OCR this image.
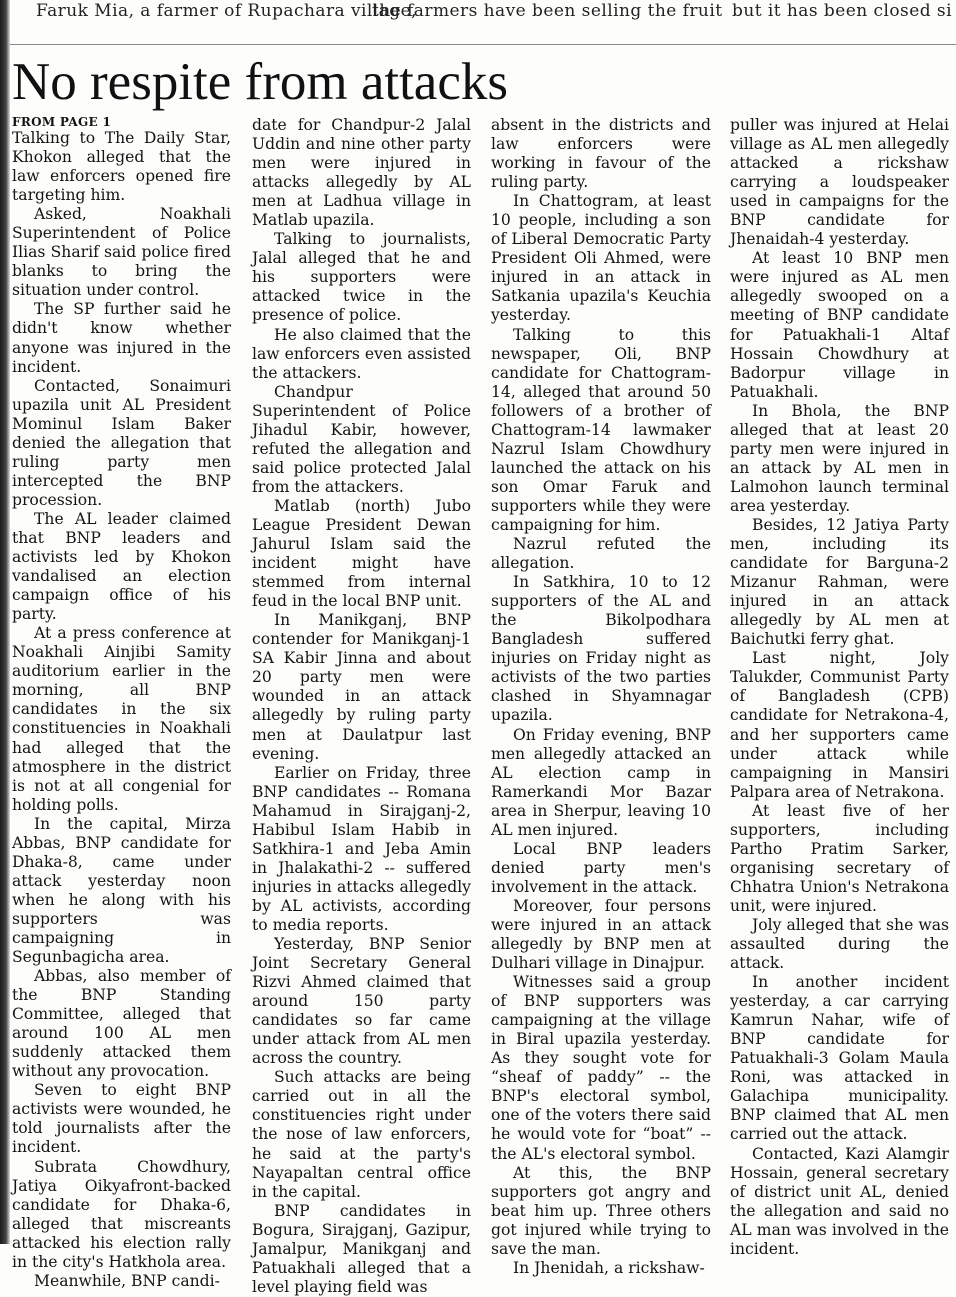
Faruk Mia, a farmer of Rupachara village,
the farmers have been selling the fruit but it has been closed si
No respite from attacks
FROM PAGE 1

Talking to The Daily Star, Khokon alleged that the law enforcers opened fire targeting him.

Asked, Noakhali Superintendent of Police Ilias Sharif said police fired blanks to bring the situation under control.

The SP further said he didn't know whether anyone was injured in the incident.

Contacted, Sonaimuri upazila unit AL President Mominul Islam Baker denied the allegation that ruling party men intercepted the BNP procession.

The AL leader claimed that BNP leaders and activists led by Khokon vandalised an election campaign office of his party.

At a press conference at Noakhali Ainjibi Samity auditorium earlier in the morning, all BNP candidates in the six constituencies in Noakhali had alleged that the atmosphere in the district is not at all congenial for holding polls.

In the capital, Mirza Abbas, BNP candidate for Dhaka-8, came under attack yesterday noon when he along with his supporters was campaigning in Segunbagicha area.

Abbas, also member of the BNP Standing Committee, alleged that around 100 AL men suddenly attacked them without any provocation.

Seven to eight BNP activists were wounded, he told journalists after the incident.

Subrata Chowdhury, Jatiya Oikyafront-backed candidate for Dhaka-6, alleged that miscreants attacked his election rally in the city's Hatkhola area.

Meanwhile, BNP candi-

date for Chandpur-2 Jalal Uddin and nine other party men were injured in attacks allegedly by AL men at Ladhua village in Matlab upazila.

Talking to journalists, Jalal alleged that he and his supporters were attacked twice in the presence of police.

He also claimed that the law enforcers even assisted the attackers.

Chandpur Superintendent of Police Jihadul Kabir, however, refuted the allegation and said police protected Jalal from the attackers.

Matlab (north) Jubo League President Dewan Jahurul Islam said the incident might have stemmed from internal feud in the local BNP unit.

In Manikganj, BNP contender for Manikganj-1 SA Kabir Jinna and about 20 party men were wounded in an attack allegedly by ruling party men at Daulatpur last evening.

Earlier on Friday, three BNP candidates -- Romana Mahamud in Sirajganj-2, Habibul Islam Habib in Satkhira-1 and Jeba Amin in Jhalakathi-2 -- suffered injuries in attacks allegedly by AL activists, according to media reports.

Yesterday, BNP Senior Joint Secretary General Rizvi Ahmed claimed that around 150 party candidates so far came under attack from AL men across the country.

Such attacks are being carried out in all the constituencies right under the nose of law enforcers, he said at the party's Nayapaltan central office in the capital.

BNP candidates in Bogura, Sirajganj, Gazipur, Jamalpur, Manikganj and Patuakhali alleged that a level playing field was

absent in the districts and law enforcers were working in favour of the ruling party.

In Chattogram, at least 10 people, including a son of Liberal Democratic Party President Oli Ahmed, were injured in an attack in Satkania upazila's Keuchia yesterday.

Talking to this newspaper, Oli, BNP candidate for Chattogram-14, alleged that around 50 followers of a brother of Chattogram-14 lawmaker Nazrul Islam Chowdhury launched the attack on his son Omar Faruk and supporters while they were campaigning for him.

Nazrul refuted the allegation.

In Satkhira, 10 to 12 supporters of the AL and the Bikolpodhara Bangladesh suffered injuries on Friday night as activists of the two parties clashed in Shyamnagar upazila.

On Friday evening, BNP men allegedly attacked an AL election camp in Ramerkandi Mor Bazar area in Sherpur, leaving 10 AL men injured.

Local BNP leaders denied party men's involvement in the attack.

Moreover, four persons were injured in an attack allegedly by BNP men at Dulhari village in Dinajpur.

Witnesses said a group of BNP supporters was campaigning at the village in Biral upazila yesterday. As they sought vote for “sheaf of paddy” -- the BNP's electoral symbol, one of the voters there said he would vote for “boat” -- the AL's electoral symbol.

At this, the BNP supporters got angry and beat him up. Three others got injured while trying to save the man.

In Jhenidah, a rickshaw-

puller was injured at Helai village as AL men allegedly attacked a rickshaw carrying a loudspeaker used in campaigns for the BNP candidate for Jhenaidah-4 yesterday.

At least 10 BNP men were injured as AL men allegedly swooped on a meeting of BNP candidate for Patuakhali-1 Altaf Hossain Chowdhury at Badorpur village in Patuakhali.

In Bhola, the BNP alleged that at least 20 party men were injured in an attack by AL men in Lalmohon launch terminal area yesterday.

Besides, 12 Jatiya Party men, including its candidate for Barguna-2 Mizanur Rahman, were injured in an attack allegedly by AL men at Baichutki ferry ghat.

Last night, Joly Talukder, Communist Party of Bangladesh (CPB) candidate for Netrakona-4, and her supporters came under attack while campaigning in Mansiri Palpara area of Netrakona.

At least five of her supporters, including Partho Pratim Sarker, organising secretary of Chhatra Union's Netrakona unit, were injured.

Joly alleged that she was assaulted during the attack.

In another incident yesterday, a car carrying Kamrun Nahar, wife of BNP candidate for Patuakhali-3 Golam Maula Roni, was attacked in Galachipa municipality. BNP claimed that AL men carried out the attack.

Contacted, Kazi Alamgir Hossain, general secretary of district unit AL, denied the allegation and said no AL man was involved in the incident.
